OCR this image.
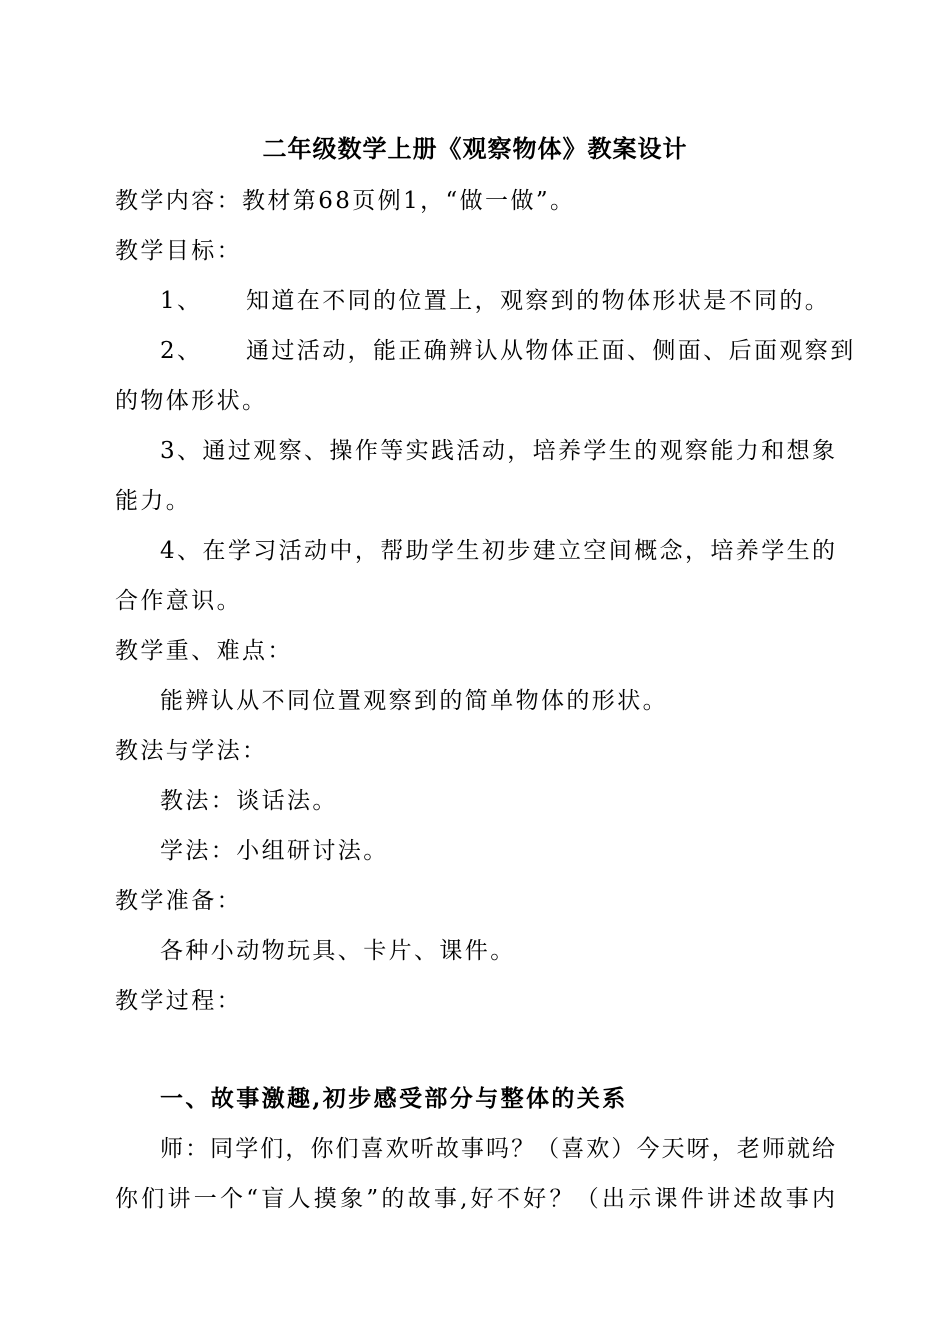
二年级数学上册《观察物体》教案设计
教学内容：教材第68页例1，“做一做”。
教学目标：
1、 知道在不同的位置上，观察到的物体形状是不同的。
2、 通过活动，能正确辨认从物体正面、侧面、后面观察到
的物体形状。
3、通过观察、操作等实践活动，培养学生的观察能力和想象
能力。
4、在学习活动中，帮助学生初步建立空间概念，培养学生的
合作意识。
教学重、难点：
能辨认从不同位置观察到的简单物体的形状。
教法与学法：
教法：谈话法。
学法：小组研讨法。
教学准备：
各种小动物玩具、卡片、课件。
教学过程：
一、故事激趣,初步感受部分与整体的关系
师：同学们，你们喜欢听故事吗？（喜欢）今天呀，老师就给
你们讲一个“盲人摸象”的故事,好不好？（出示课件讲述故事内
